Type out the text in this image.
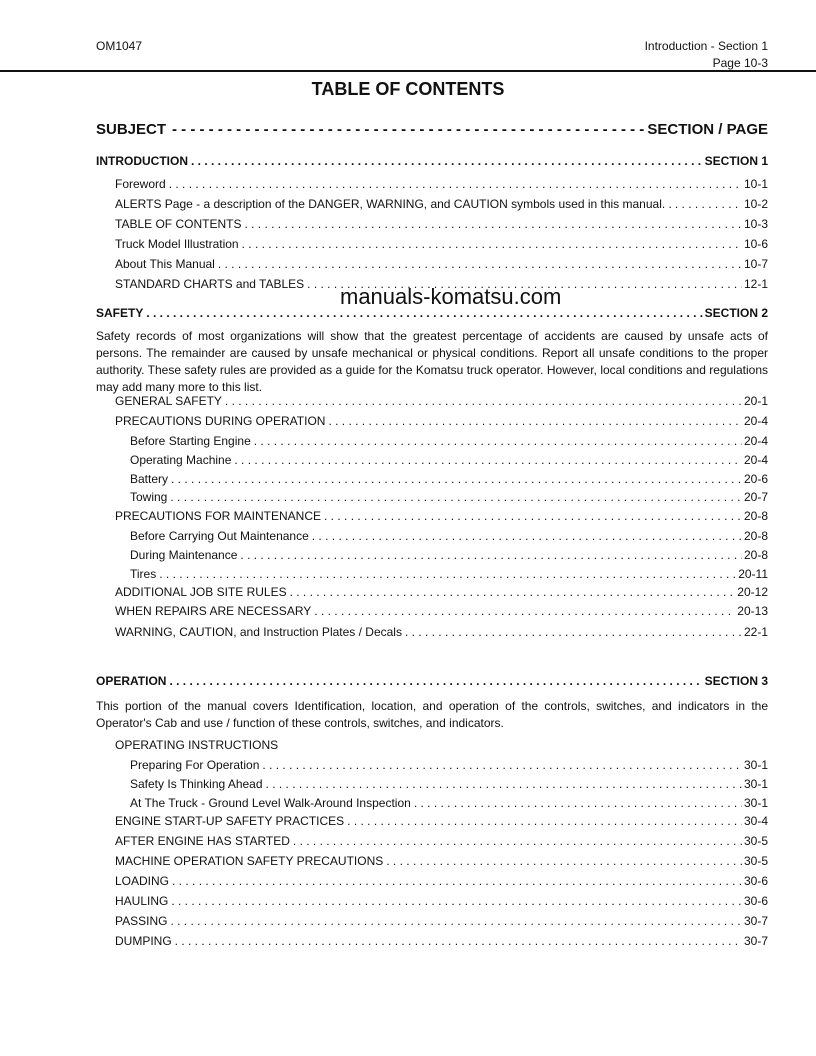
OM1047	Introduction - Section 1
Page 10-3
TABLE OF CONTENTS
SUBJECT - - -	SECTION / PAGE
INTRODUCTION . . .	SECTION 1
Foreword . . .	10-1
ALERTS Page - a description of the DANGER, WARNING, and CAUTION symbols used in this manual. . . . .	10-2
TABLE OF CONTENTS . . .	10-3
Truck Model Illustration . . .	10-6
About This Manual . . .	10-7
STANDARD CHARTS and TABLES . . .	12-1
SAFETY . . .	SECTION 2
GENERAL SAFETY . . .	20-1
PRECAUTIONS DURING OPERATION . . .	20-4
Before Starting Engine . . .	20-4
Operating Machine . . .	20-4
Battery . . .	20-6
Towing . . .	20-7
PRECAUTIONS FOR MAINTENANCE . . .	20-8
Before Carrying Out Maintenance . . .	20-8
During Maintenance . . .	20-8
Tires . . .	20-11
ADDITIONAL JOB SITE RULES . . .	20-12
WHEN REPAIRS ARE NECESSARY . . .	20-13
WARNING, CAUTION, and Instruction Plates / Decals . . .	22-1
OPERATION . . .	SECTION 3
OPERATING INSTRUCTIONS
Preparing For Operation . . .	30-1
Safety Is Thinking Ahead . . .	30-1
At The Truck - Ground Level Walk-Around Inspection . . .	30-1
ENGINE START-UP SAFETY PRACTICES . . .	30-4
AFTER ENGINE HAS STARTED . . .	30-5
MACHINE OPERATION SAFETY PRECAUTIONS . . .	30-5
LOADING . . .	30-6
HAULING . . .	30-6
PASSING . . .	30-7
DUMPING . . .	30-7
Safety records of most organizations will show that the greatest percentage of accidents are caused by unsafe acts of persons. The remainder are caused by unsafe mechanical or physical conditions. Report all unsafe conditions to the proper authority. These safety rules are provided as a guide for the Komatsu truck operator. However, local conditions and regulations may add many more to this list.
This portion of the manual covers Identification, location, and operation of the controls, switches, and indicators in the Operator's Cab and use / function of these controls, switches, and indicators.
manuals-komatsu.com
